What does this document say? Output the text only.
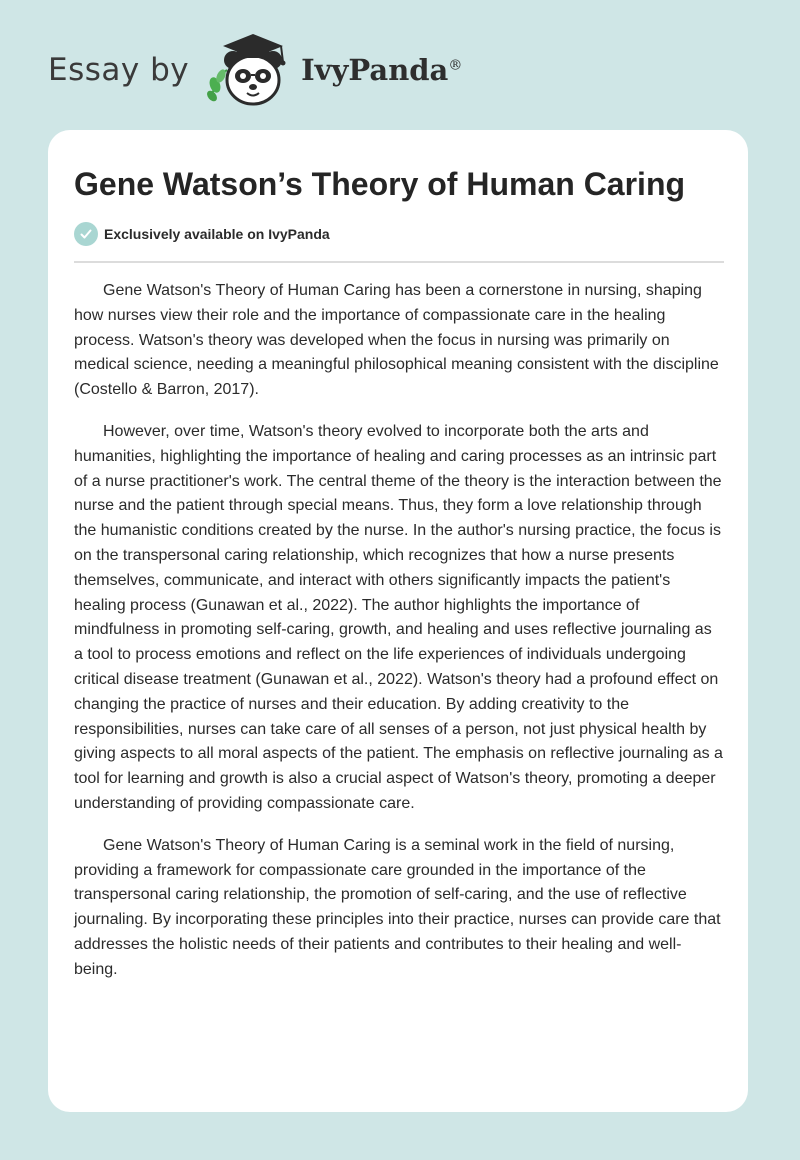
Essay by	IvyPanda®
Gene Watson’s Theory of Human Caring
Exclusively available on IvyPanda

Gene Watson's Theory of Human Caring has been a cornerstone in nursing, shaping how nurses view their role and the importance of compassionate care in the healing process. Watson's theory was developed when the focus in nursing was primarily on medical science, needing a meaningful philosophical meaning consistent with the discipline (Costello & Barron, 2017).

However, over time, Watson's theory evolved to incorporate both the arts and humanities, highlighting the importance of healing and caring processes as an intrinsic part of a nurse practitioner's work. The central theme of the theory is the interaction between the nurse and the patient through special means. Thus, they form a love relationship through the humanistic conditions created by the nurse. In the author's nursing practice, the focus is on the transpersonal caring relationship, which recognizes that how a nurse presents themselves, communicate, and interact with others significantly impacts the patient's healing process (Gunawan et al., 2022). The author highlights the importance of mindfulness in promoting self-caring, growth, and healing and uses reflective journaling as a tool to process emotions and reflect on the life experiences of individuals undergoing critical disease treatment (Gunawan et al., 2022). Watson's theory had a profound effect on changing the practice of nurses and their education. By adding creativity to the responsibilities, nurses can take care of all senses of a person, not just physical health by giving aspects to all moral aspects of the patient. The emphasis on reflective journaling as a tool for learning and growth is also a crucial aspect of Watson's theory, promoting a deeper understanding of providing compassionate care.

Gene Watson's Theory of Human Caring is a seminal work in the field of nursing, providing a framework for compassionate care grounded in the importance of the transpersonal caring relationship, the promotion of self-caring, and the use of reflective journaling. By incorporating these principles into their practice, nurses can provide care that addresses the holistic needs of their patients and contributes to their healing and well-being.
